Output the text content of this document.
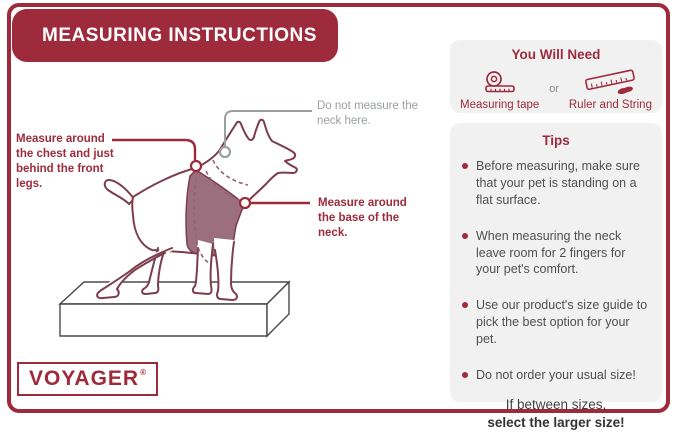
MEASURING INSTRUCTIONS
Measure around the chest and just behind the front legs.
Do not measure the neck here.
Measure around the base of the neck.

You Will Need

Measuring tape
or
Ruler and String

Tips

Before measuring, make sure that your pet is standing on a flat surface.
When measuring the neck leave room for 2 fingers for your pet's comfort.
Use our product's size guide to pick the best option for your pet.
Do not order your usual size!
If between sizes,
select the larger size!
VOYAGER®
